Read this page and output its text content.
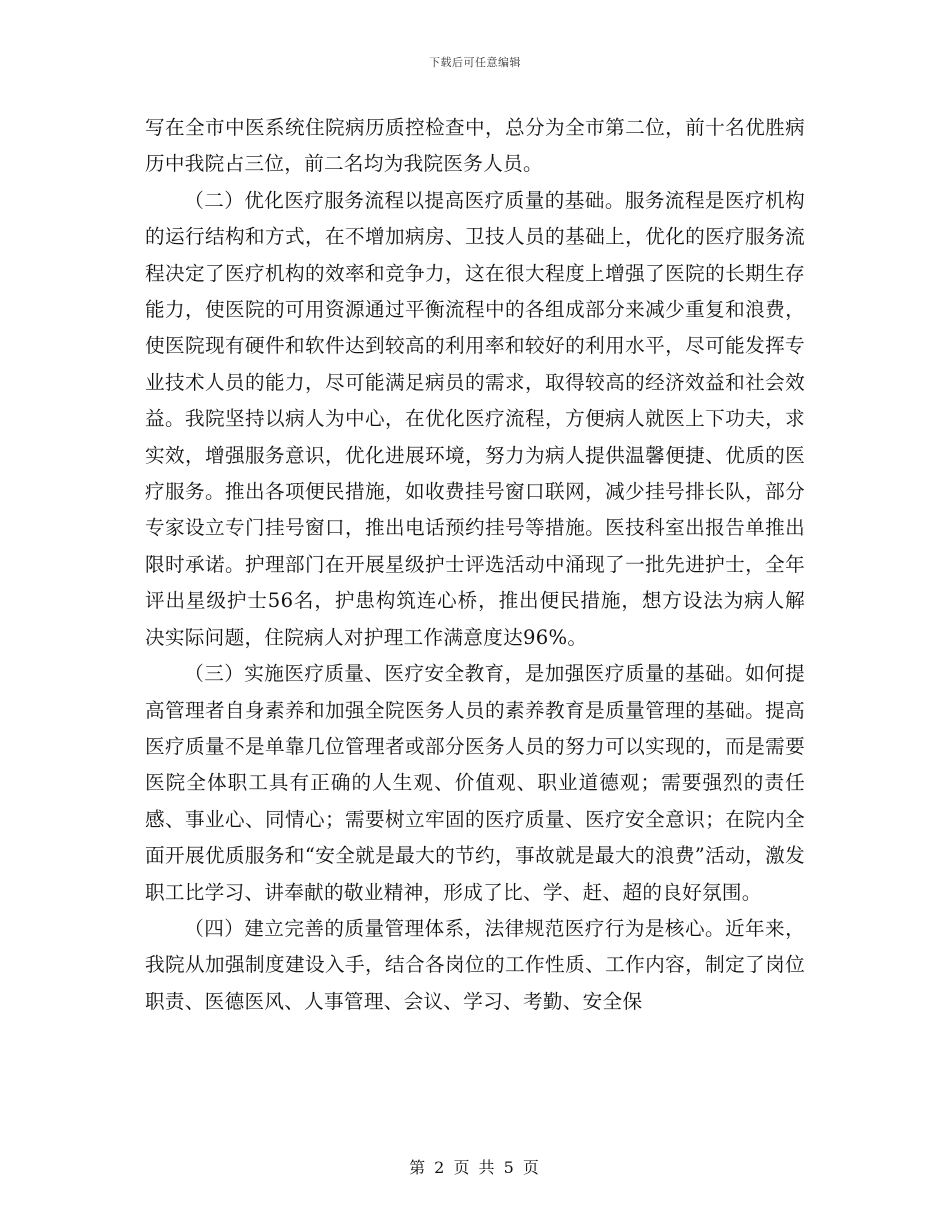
下载后可任意编辑

写在全市中医系统住院病历质控检查中，总分为全市第二位，前十名优胜病历中我院占三位，前二名均为我院医务人员。

（二）优化医疗服务流程以提高医疗质量的基础。服务流程是医疗机构的运行结构和方式，在不增加病房、卫技人员的基础上，优化的医疗服务流程决定了医疗机构的效率和竞争力，这在很大程度上增强了医院的长期生存能力，使医院的可用资源通过平衡流程中的各组成部分来减少重复和浪费，使医院现有硬件和软件达到较高的利用率和较好的利用水平，尽可能发挥专业技术人员的能力，尽可能满足病员的需求，取得较高的经济效益和社会效益。我院坚持以病人为中心，在优化医疗流程，方便病人就医上下功夫，求实效，增强服务意识，优化进展环境，努力为病人提供温馨便捷、优质的医疗服务。推出各项便民措施，如收费挂号窗口联网，减少挂号排长队，部分专家设立专门挂号窗口，推出电话预约挂号等措施。医技科室出报告单推出限时承诺。护理部门在开展星级护士评选活动中涌现了一批先进护士，全年评出星级护士56名，护患构筑连心桥，推出便民措施，想方设法为病人解决实际问题，住院病人对护理工作满意度达96%。

（三）实施医疗质量、医疗安全教育，是加强医疗质量的基础。如何提高管理者自身素养和加强全院医务人员的素养教育是质量管理的基础。提高医疗质量不是单靠几位管理者或部分医务人员的努力可以实现的，而是需要医院全体职工具有正确的人生观、价值观、职业道德观；需要强烈的责任感、事业心、同情心；需要树立牢固的医疗质量、医疗安全意识；在院内全面开展优质服务和“安全就是最大的节约，事故就是最大的浪费”活动，激发职工比学习、讲奉献的敬业精神，形成了比、学、赶、超的良好氛围。

（四）建立完善的质量管理体系，法律规范医疗行为是核心。近年来，我院从加强制度建设入手，结合各岗位的工作性质、工作内容，制定了岗位职责、医德医风、人事管理、会议、学习、考勤、安全保

第 2 页 共 5 页
